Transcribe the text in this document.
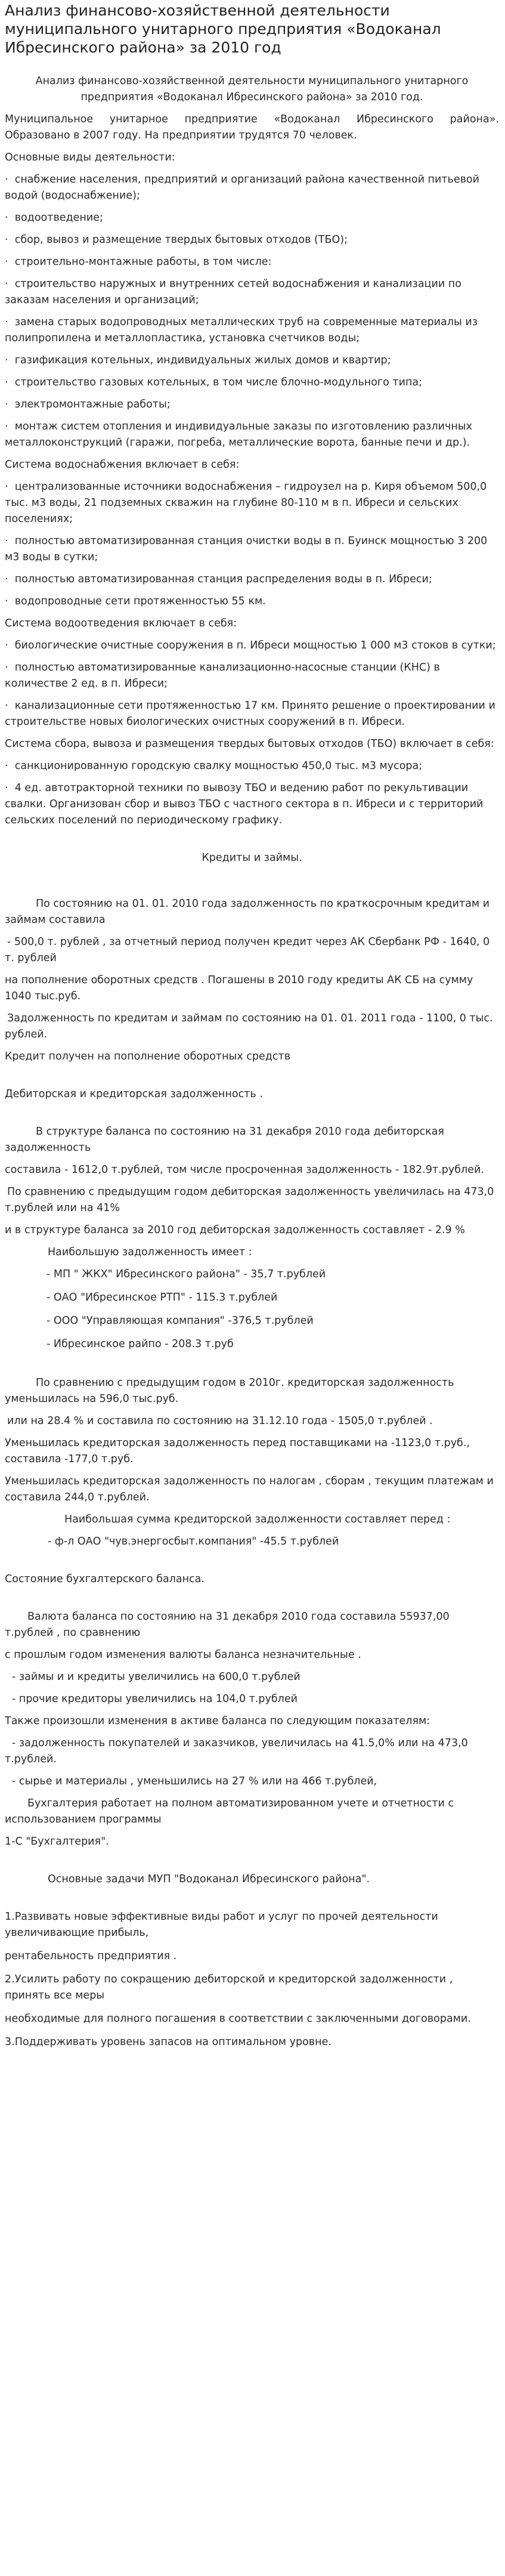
Анализ финансово-хозяйственной деятельности муниципального унитарного предприятия «Водоканал Ибресинского района» за 2010 год

Анализ финансово-хозяйственной деятельности муниципального унитарного предприятия «Водоканал Ибресинского района» за 2010 год.

Муниципальное унитарное предприятие «Водоканал Ибресинского района». Образовано в 2007 году. На предприятии трудятся 70 человек.

Основные виды деятельности:

· снабжение населения, предприятий и организаций района качественной питьевой водой (водоснабжение);

· водоотведение;

· сбор, вывоз и размещение твердых бытовых отходов (ТБО);

· строительно-монтажные работы, в том числе:

· строительство наружных и внутренних сетей водоснабжения и канализации по заказам населения и организаций;

· замена старых водопроводных металлических труб на современные материалы из полипропилена и металлопластика, установка счетчиков воды;

· газификация котельных, индивидуальных жилых домов и квартир;

· строительство газовых котельных, в том числе блочно-модульного типа;

· электромонтажные работы;

· монтаж систем отопления и индивидуальные заказы по изготовлению различных металлоконструкций (гаражи, погреба, металлические ворота, банные печи и др.).

Система водоснабжения включает в себя:

· централизованные источники водоснабжения – гидроузел на р. Киря объемом 500,0 тыс. м3 воды, 21 подземных скважин на глубине 80-110 м в п. Ибреси и сельских поселениях;

· полностью автоматизированная станция очистки воды в п. Буинск мощностью 3 200 м3 воды в сутки;

· полностью автоматизированная станция распределения воды в п. Ибреси;

· водопроводные сети протяженностью 55 км.

Система водоотведения включает в себя:

· биологические очистные сооружения в п. Ибреси мощностью 1 000 м3 стоков в сутки;

· полностью автоматизированные канализационно-насосные станции (КНС) в количестве 2 ед. в п. Ибреси;

· канализационные сети протяженностью 17 км. Принято решение о проектировании и строительстве новых биологических очистных сооружений в п. Ибреси.

Система сбора, вывоза и размещения твердых бытовых отходов (ТБО) включает в себя:

· санкционированную городскую свалку мощностью 450,0 тыс. м3 мусора;

· 4 ед. автотракторной техники по вывозу ТБО и ведению работ по рекультивации свалки. Организован сбор и вывоз ТБО с частного сектора в п. Ибреси и с территорий сельских поселений по периодическому графику.

Кредиты и займы.

По состоянию на 01. 01. 2010 года задолженность по краткосрочным кредитам и займам составила

- 500,0 т. рублей , за отчетный период получен кредит через АК Сбербанк РФ - 1640, 0 т. рублей

на пополнение оборотных средств . Погашены в 2010 году кредиты АК СБ на сумму 1040 тыс.руб.

Задолженность по кредитам и займам по состоянию на 01. 01. 2011 года - 1100, 0 тыс. рублей.

Кредит получен на пополнение оборотных средств

Дебиторская и кредиторская задолженность .

В структуре баланса по состоянию на 31 декабря 2010 года дебиторская задолженность

составила - 1612,0 т.рублей, том числе просроченная задолженность - 182.9т.рублей.

По сравнению с предыдущим годом дебиторская задолженность увеличилась на 473,0 т.рублей или на 41%

и в структуре баланса за 2010 год дебиторская задолженность составляет - 2.9 %

Наибольшую задолженность имеет :

- МП " ЖКХ" Ибресинского района" - 35,7 т.рублей

- ОАО "Ибресинское РТП" - 115.3 т.рублей

- ООО "Управляющая компания" -376,5 т.рублей

- Ибресинское райпо - 208.3 т.руб

По сравнению с предыдущим годом в 2010г. кредиторская задолженность уменьшилась на 596,0 тыс.руб.

или на 28.4 % и составила по состоянию на 31.12.10 года - 1505,0 т.рублей .

Уменьшилась кредиторская задолженность перед поставщиками на -1123,0 т.руб., составила -177,0 т.руб.

Уменьшилась кредиторская задолженность по налогам , сборам , текущим платежам и составила 244,0 т.рублей.

Наибольшая сумма кредиторской задолженности составляет перед :

- ф-л ОАО "чув.энергосбыт.компания" -45.5 т.рублей

Состояние бухгалтерского баланса.

Валюта баланса по состоянию на 31 декабря 2010 года составила 55937,00 т.рублей , по сравнению

с прошлым годом изменения валюты баланса незначительные .

- займы и и кредиты увеличились на 600,0 т.рублей

- прочие кредиторы увеличились на 104,0 т.рублей

Также произошли изменения в активе баланса по следующим показателям:

- задолженность покупателей и заказчиков, увеличилась на 41.5,0% или на 473,0 т.рублей.

- сырье и материалы , уменьшились на 27 % или на 466 т.рублей,

Бухгалтерия работает на полном автоматизированном учете и отчетности с использованием программы

1-С "Бухгалтерия".

Основные задачи МУП "Водоканал Ибресинского района".

1.Развивать новые эффективные виды работ и услуг по прочей деятельности увеличивающие прибыль,

рентабельность предприятия .

2.Усилить работу по сокращению дебиторской и кредиторской задолженности , принять все меры

необходимые для полного погашения в соответствии с заключенными договорами.

3.Поддерживать уровень запасов на оптимальном уровне.
